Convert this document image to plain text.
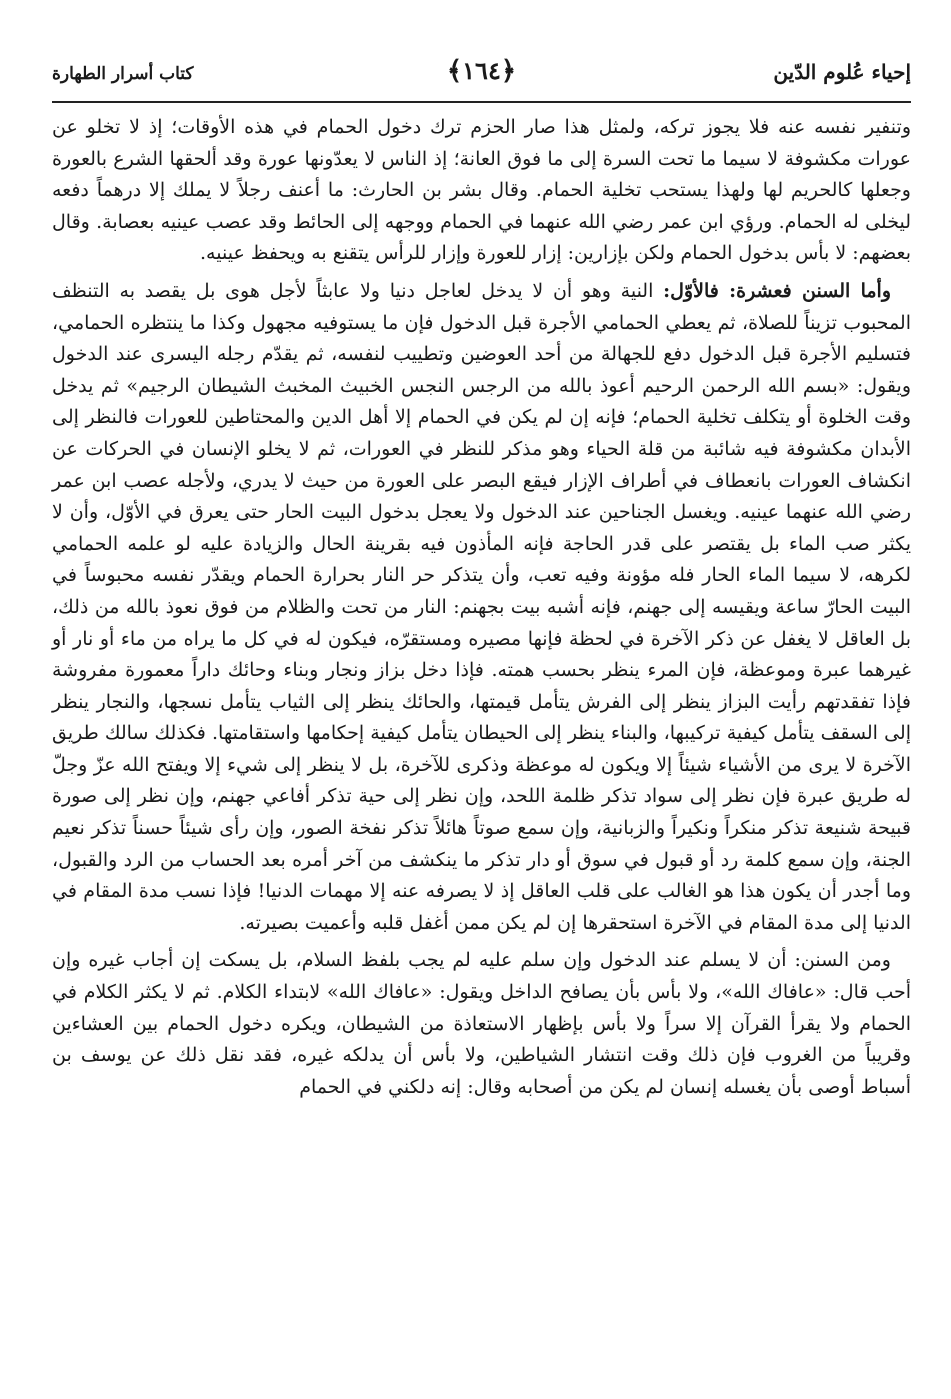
إحياء عُلوم الدّين
﴿١٦٤﴾
كتاب أسرار الطهارة

وتنفير نفسه عنه فلا يجوز تركه، ولمثل هذا صار الحزم ترك دخول الحمام في هذه الأوقات؛ إذ لا تخلو عن عورات مكشوفة لا سيما ما تحت السرة إلى ما فوق العانة؛ إذ الناس لا يعدّونها عورة وقد ألحقها الشرع بالعورة وجعلها كالحريم لها ولهذا يستحب تخلية الحمام. وقال بشر بن الحارث: ما أعنف رجلاً لا يملك إلا درهماً دفعه ليخلى له الحمام. ورؤي ابن عمر رضي الله عنهما في الحمام ووجهه إلى الحائط وقد عصب عينيه بعصابة. وقال بعضهم: لا بأس بدخول الحمام ولكن بإزارين: إزار للعورة وإزار للرأس يتقنع به ويحفظ عينيه.

وأما السنن فعشرة: فالأوّل: النية وهو أن لا يدخل لعاجل دنيا ولا عابثاً لأجل هوى بل يقصد به التنظف المحبوب تزيناً للصلاة، ثم يعطي الحمامي الأجرة قبل الدخول فإن ما يستوفيه مجهول وكذا ما ينتظره الحمامي، فتسليم الأجرة قبل الدخول دفع للجهالة من أحد العوضين وتطييب لنفسه، ثم يقدّم رجله اليسرى عند الدخول ويقول: «بسم الله الرحمن الرحيم أعوذ بالله من الرجس النجس الخبيث المخبث الشيطان الرجيم» ثم يدخل وقت الخلوة أو يتكلف تخلية الحمام؛ فإنه إن لم يكن في الحمام إلا أهل الدين والمحتاطين للعورات فالنظر إلى الأبدان مكشوفة فيه شائبة من قلة الحياء وهو مذكر للنظر في العورات، ثم لا يخلو الإنسان في الحركات عن انكشاف العورات بانعطاف في أطراف الإزار فيقع البصر على العورة من حيث لا يدري، ولأجله عصب ابن عمر رضي الله عنهما عينيه. ويغسل الجناحين عند الدخول ولا يعجل بدخول البيت الحار حتى يعرق في الأوّل، وأن لا يكثر صب الماء بل يقتصر على قدر الحاجة فإنه المأذون فيه بقرينة الحال والزيادة عليه لو علمه الحمامي لكرهه، لا سيما الماء الحار فله مؤونة وفيه تعب، وأن يتذكر حر النار بحرارة الحمام ويقدّر نفسه محبوساً في البيت الحارّ ساعة ويقيسه إلى جهنم، فإنه أشبه بيت بجهنم: النار من تحت والظلام من فوق نعوذ بالله من ذلك، بل العاقل لا يغفل عن ذكر الآخرة في لحظة فإنها مصيره ومستقرّه، فيكون له في كل ما يراه من ماء أو نار أو غيرهما عبرة وموعظة، فإن المرء ينظر بحسب همته. فإذا دخل بزاز ونجار وبناء وحائك داراً معمورة مفروشة فإذا تفقدتهم رأيت البزاز ينظر إلى الفرش يتأمل قيمتها، والحائك ينظر إلى الثياب يتأمل نسجها، والنجار ينظر إلى السقف يتأمل كيفية تركيبها، والبناء ينظر إلى الحيطان يتأمل كيفية إحكامها واستقامتها. فكذلك سالك طريق الآخرة لا يرى من الأشياء شيئاً إلا ويكون له موعظة وذكرى للآخرة، بل لا ينظر إلى شيء إلا ويفتح الله عزّ وجلّ له طريق عبرة فإن نظر إلى سواد تذكر ظلمة اللحد، وإن نظر إلى حية تذكر أفاعي جهنم، وإن نظر إلى صورة قبيحة شنيعة تذكر منكراً ونكيراً والزبانية، وإن سمع صوتاً هائلاً تذكر نفخة الصور، وإن رأى شيئاً حسناً تذكر نعيم الجنة، وإن سمع كلمة رد أو قبول في سوق أو دار تذكر ما ينكشف من آخر أمره بعد الحساب من الرد والقبول، وما أجدر أن يكون هذا هو الغالب على قلب العاقل إذ لا يصرفه عنه إلا مهمات الدنيا! فإذا نسب مدة المقام في الدنيا إلى مدة المقام في الآخرة استحقرها إن لم يكن ممن أغفل قلبه وأعميت بصيرته.

ومن السنن: أن لا يسلم عند الدخول وإن سلم عليه لم يجب بلفظ السلام، بل يسكت إن أجاب غيره وإن أحب قال: «عافاك الله»، ولا بأس بأن يصافح الداخل ويقول: «عافاك الله» لابتداء الكلام. ثم لا يكثر الكلام في الحمام ولا يقرأ القرآن إلا سراً ولا بأس بإظهار الاستعاذة من الشيطان، ويكره دخول الحمام بين العشاءين وقريباً من الغروب فإن ذلك وقت انتشار الشياطين، ولا بأس أن يدلكه غيره، فقد نقل ذلك عن يوسف بن أسباط أوصى بأن يغسله إنسان لم يكن من أصحابه وقال: إنه دلكني في الحمام
